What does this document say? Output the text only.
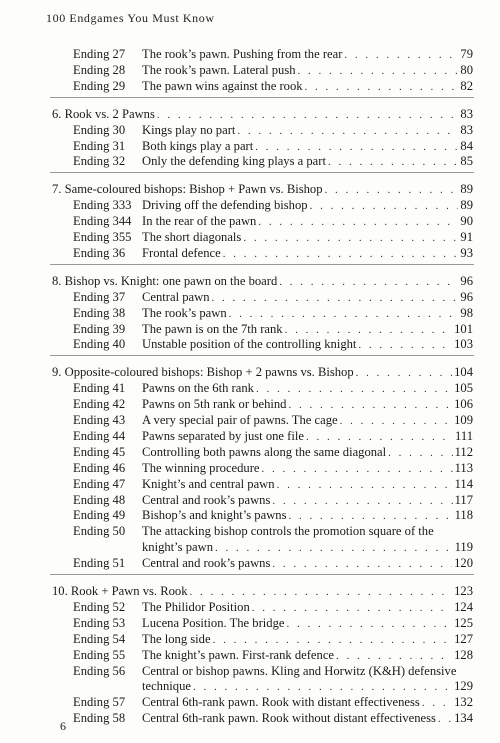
100 Endgames You Must Know
Ending 27	The rook’s pawn. Pushing from the rear . . .	79
Ending 28	The rook’s pawn. Lateral push . . .	80
Ending 29	The pawn wins against the rook . . .	82
6. Rook vs. 2 Pawns . . .	83
Ending 30	Kings play no part . . .	83
Ending 31	Both kings play a part . . .	84
Ending 32	Only the defending king plays a part . . .	85
7. Same-coloured bishops: Bishop + Pawn vs. Bishop . . .	89
Ending 333 Driving off the defending bishop . . .	89
Ending 344 In the rear of the pawn . . .	90
Ending 355 The short diagonals . . .	91
Ending 36	Frontal defence . . .	93
8. Bishop vs. Knight: one pawn on the board . . .	96
Ending 37	Central pawn . . .	96
Ending 38	The rook’s pawn . . .	98
Ending 39	The pawn is on the 7th rank . . .	101
Ending 40	Unstable position of the controlling knight . . .	103
9. Opposite-coloured bishops: Bishop + 2 pawns vs. Bishop . . .	104
Ending 41	Pawns on the 6th rank . . .	105
Ending 42	Pawns on 5th rank or behind . . .	106
Ending 43	A very special pair of pawns. The cage . . .	109
Ending 44	Pawns separated by just one file . . .	111
Ending 45	Controlling both pawns along the same diagonal . . .	112
Ending 46	The winning procedure . . .	113
Ending 47	Knight’s and central pawn . . .	114
Ending 48	Central and rook’s pawns . . .	117
Ending 49	Bishop’s and knight’s pawns . . .	118
Ending 50	The attacking bishop controls the promotion square of the
knight’s pawn . . .	119
Ending 51	Central and rook’s pawns . . .	120
10. Rook + Pawn vs. Rook . . .	123
Ending 52	The Philidor Position . . .	124
Ending 53	Lucena Position. The bridge . . .	125
Ending 54	The long side . . .	127
Ending 55	The knight’s pawn. First-rank defence . . .	128
Ending 56	Central or bishop pawns. Kling and Horwitz (K&H) defensive
technique . . .	129
Ending 57	Central 6th-rank pawn. Rook with distant effectiveness . . .	132
Ending 58	Central 6th-rank pawn. Rook without distant effectiveness . . . 134
6
